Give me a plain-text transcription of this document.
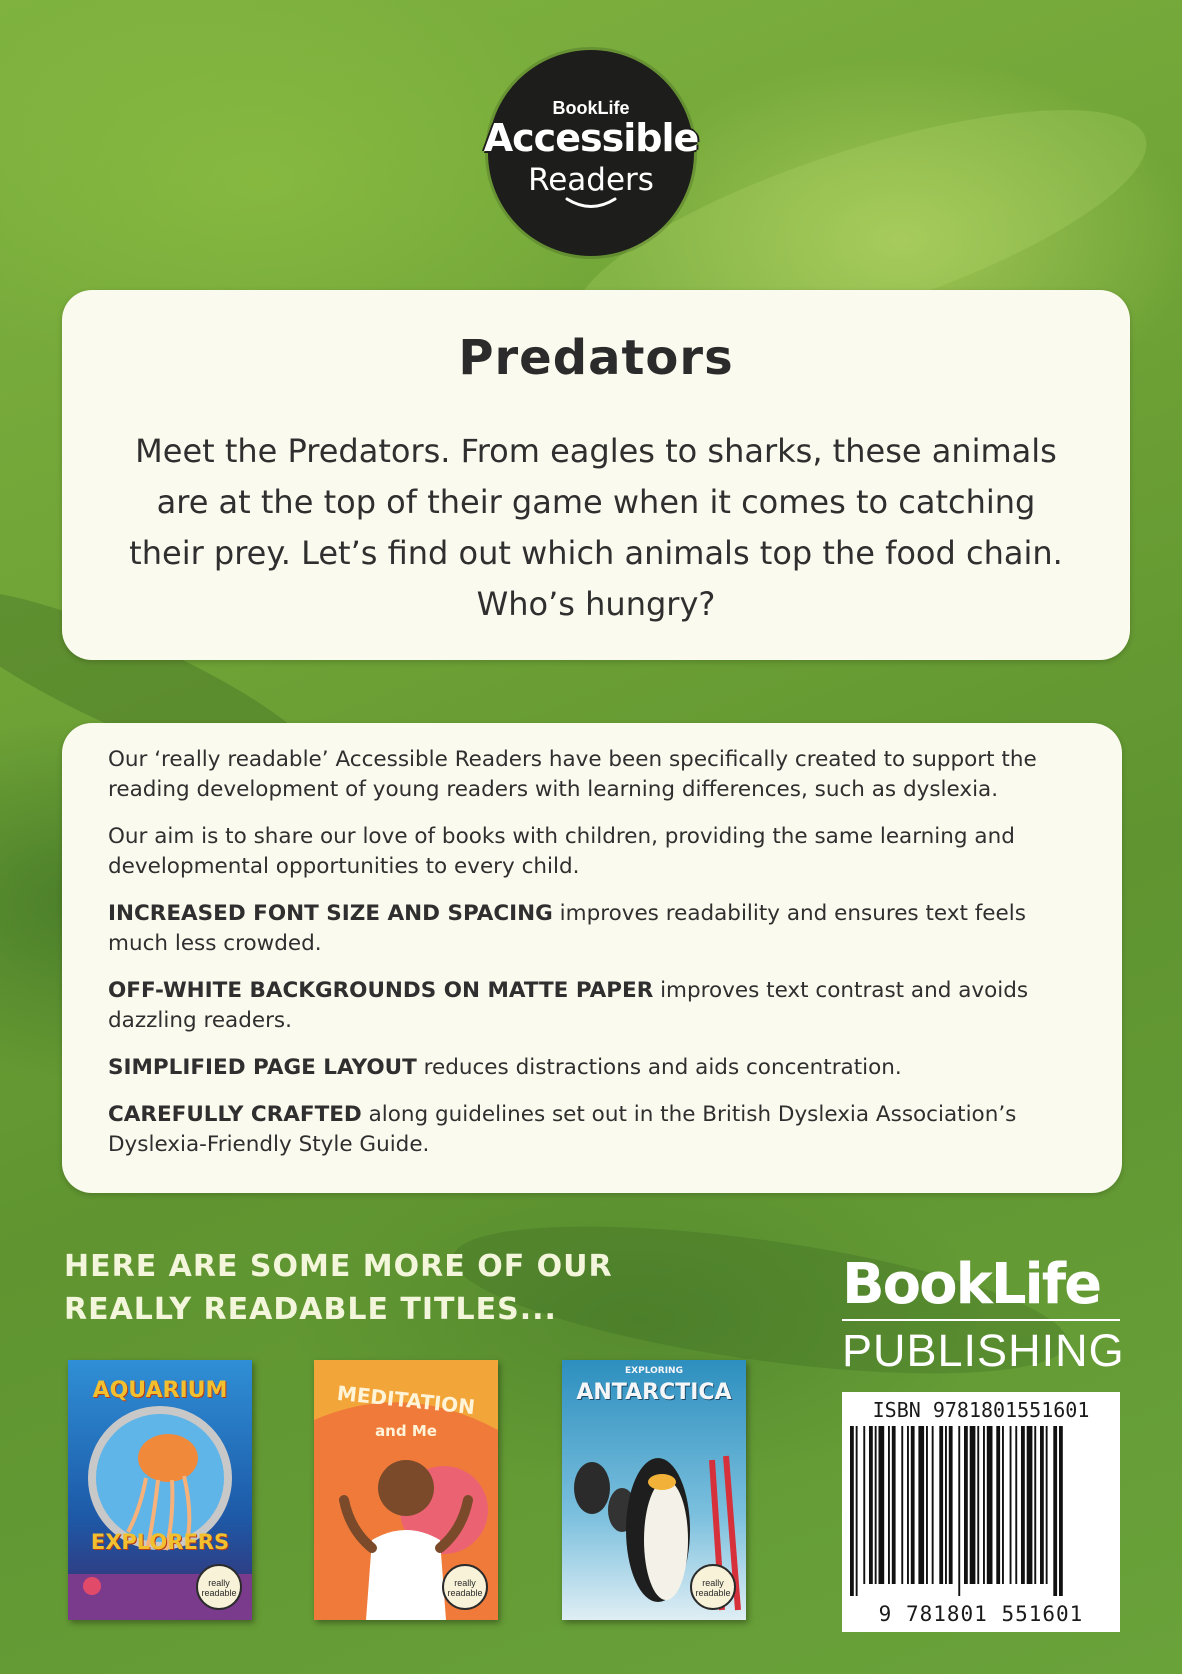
BookLife
Accessible
Readers
Predators
Meet the Predators. From eagles to sharks, these animals are at the top of their game when it comes to catching their prey. Let’s find out which animals top the food chain. Who’s hungry?

Our ‘really readable’ Accessible Readers have been specifically created to support the reading development of young readers with learning differences, such as dyslexia.

Our aim is to share our love of books with children, providing the same learning and developmental opportunities to every child.

INCREASED FONT SIZE AND SPACING improves readability and ensures text feels much less crowded.

OFF-WHITE BACKGROUNDS ON MATTE PAPER improves text contrast and avoids dazzling readers.

SIMPLIFIED PAGE LAYOUT reduces distractions and aids concentration.

CAREFULLY CRAFTED along guidelines set out in the British Dyslexia Association’s Dyslexia-Friendly Style Guide.

HERE ARE SOME MORE OF OUR REALLY READABLE TITLES...
AQUARIUM
EXPLORERS
really readable
MEDITATION
and Me
really readable
EXPLORING
ANTARCTICA
really readable
BookLife
PUBLISHING
ISBN 9781801551601
9 781801 551601
